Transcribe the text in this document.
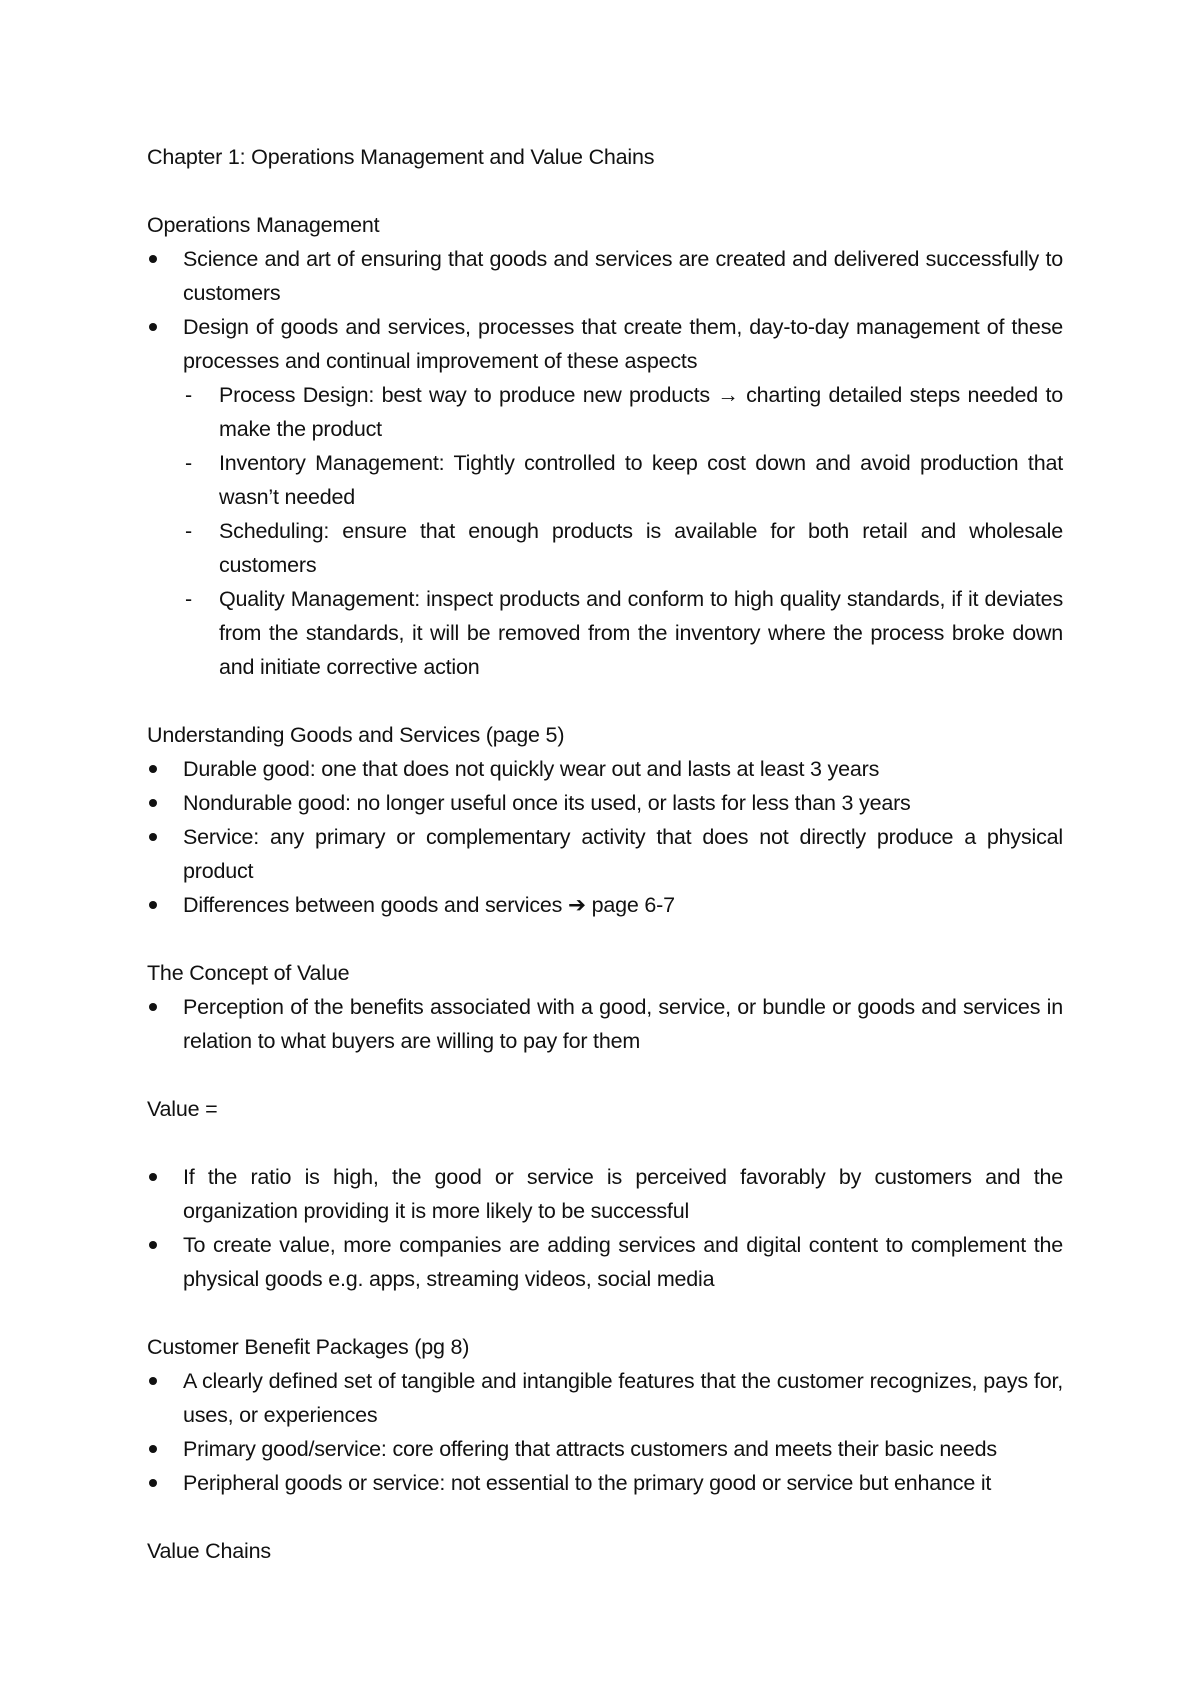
Chapter 1: Operations Management and Value Chains

Operations Management

Science and art of ensuring that goods and services are created and delivered successfully to customers
Design of goods and services, processes that create them, day-to-day management of these processes and continual improvement of these aspects
- Process Design: best way to produce new products → charting detailed steps needed to make the product
- Inventory Management: Tightly controlled to keep cost down and avoid production that wasn’t needed
- Scheduling: ensure that enough products is available for both retail and wholesale customers
- Quality Management: inspect products and conform to high quality standards, if it deviates from the standards, it will be removed from the inventory where the process broke down and initiate corrective action

Understanding Goods and Services (page 5)

Durable good: one that does not quickly wear out and lasts at least 3 years
Nondurable good: no longer useful once its used, or lasts for less than 3 years
Service: any primary or complementary activity that does not directly produce a physical product
Differences between goods and services ➔ page 6-7

The Concept of Value

Perception of the benefits associated with a good, service, or bundle or goods and services in relation to what buyers are willing to pay for them

Value =

If the ratio is high, the good or service is perceived favorably by customers and the organization providing it is more likely to be successful
To create value, more companies are adding services and digital content to complement the physical goods e.g. apps, streaming videos, social media

Customer Benefit Packages (pg 8)

A clearly defined set of tangible and intangible features that the customer recognizes, pays for, uses, or experiences
Primary good/service: core offering that attracts customers and meets their basic needs
Peripheral goods or service: not essential to the primary good or service but enhance it

Value Chains
